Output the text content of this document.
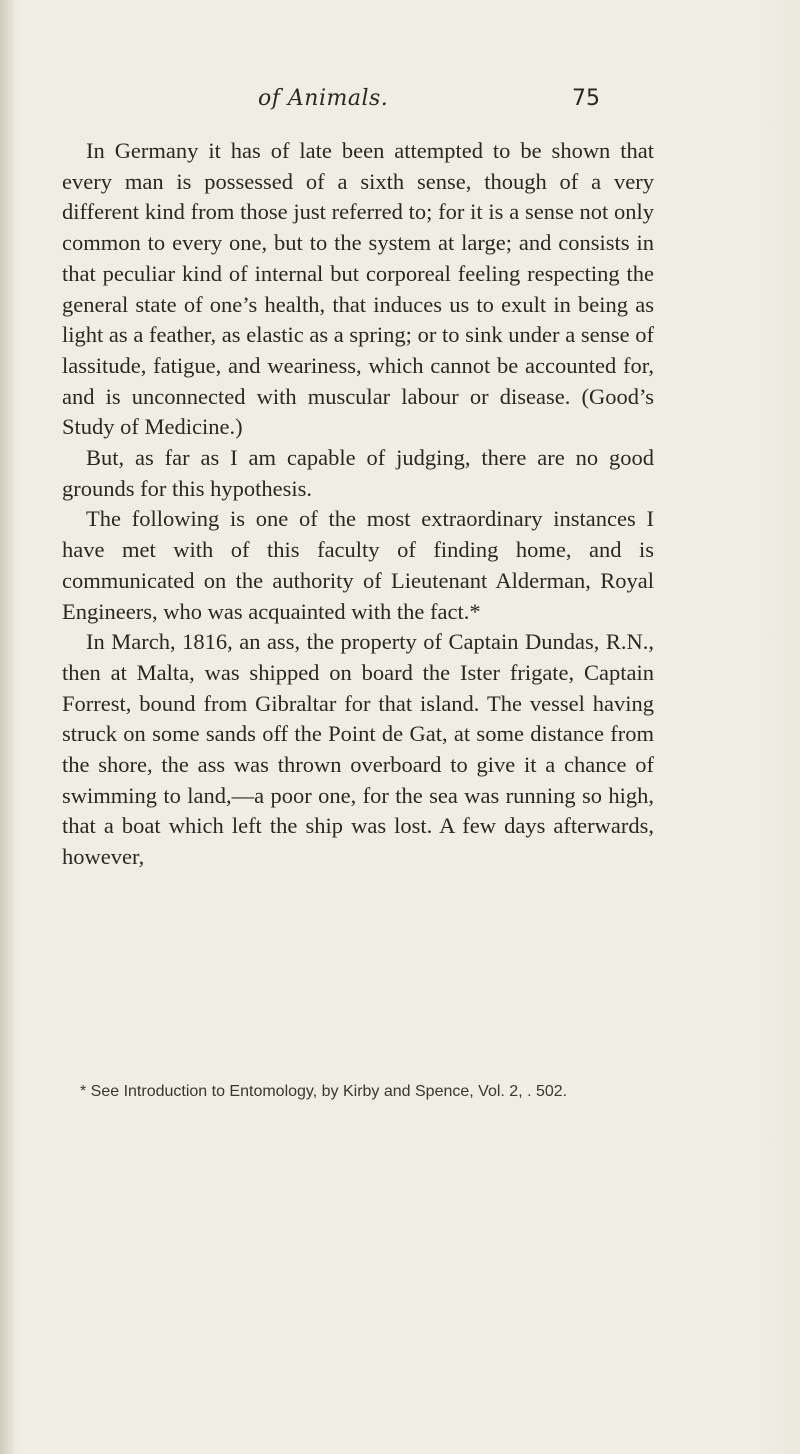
of Animals.	75

In Germany it has of late been attempted to be shown that every man is possessed of a sixth sense, though of a very different kind from those just referred to; for it is a sense not only common to every one, but to the system at large; and consists in that peculiar kind of internal but corporeal feeling respecting the general state of one’s health, that induces us to exult in being as light as a feather, as elastic as a spring; or to sink under a sense of lassitude, fatigue, and weariness, which cannot be accounted for, and is unconnected with muscular labour or disease. (Good’s Study of Medicine.)

But, as far as I am capable of judging, there are no good grounds for this hypothesis.

The following is one of the most extraordinary instances I have met with of this faculty of finding home, and is communicated on the authority of Lieutenant Alderman, Royal Engineers, who was acquainted with the fact.*

In March, 1816, an ass, the property of Captain Dundas, R.N., then at Malta, was shipped on board the Ister frigate, Captain Forrest, bound from Gibraltar for that island. The vessel having struck on some sands off the Point de Gat, at some distance from the shore, the ass was thrown overboard to give it a chance of swimming to land,—a poor one, for the sea was running so high, that a boat which left the ship was lost. A few days afterwards, however,

* See Introduction to Entomology, by Kirby and Spence, Vol. 2, . 502.
